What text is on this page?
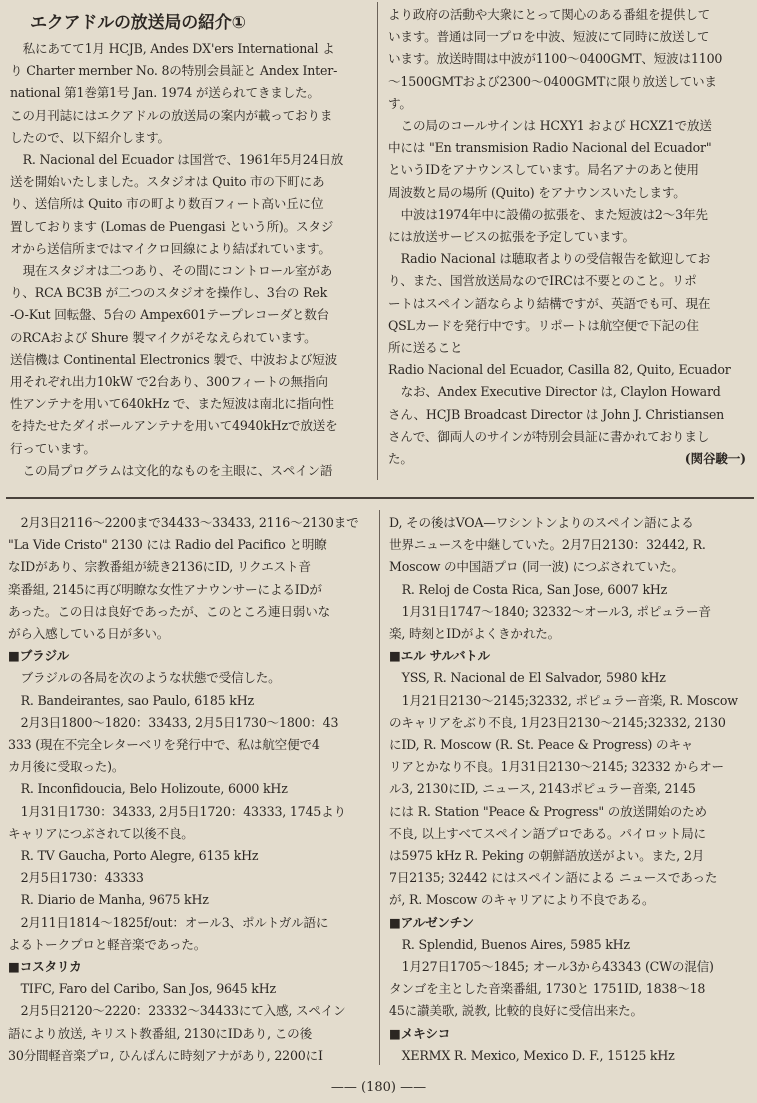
エクアドルの放送局の紹介①

私にあてて1月 HCJB, Andes DX'ers International よ

り Charter mernber No. 8の特別会員証と Andex Inter-

national 第1巻第1号 Jan. 1974 が送られてきました。

この月刊誌にはエクアドルの放送局の案内が載っておりま

したので、以下紹介します。

R. Nacional del Ecuador は国営で、1961年5月24日放

送を開始いたしました。スタジオは Quito 市の下町にあ

り、送信所は Quito 市の町より数百フィート高い丘に位

置しております (Lomas de Puengasi という所)。スタジ

オから送信所まではマイクロ回線により結ばれています。

現在スタジオは二つあり、その間にコントロール室があ

り、RCA BC3B が二つのスタジオを操作し、3台の Rek

-O-Kut 回転盤、5台の Ampex601テープレコーダと数台

のRCAおよび Shure 製マイクがそなえられています。

送信機は Continental Electronics 製で、中波および短波

用それぞれ出力10kW で2台あり、300フィートの無指向

性アンテナを用いて640kHz で、また短波は南北に指向性

を持たせたダイポールアンテナを用いて4940kHzで放送を

行っています。

この局プログラムは文化的なものを主眼に、スペイン語

より政府の活動や大衆にとって関心のある番組を提供して

います。普通は同一プロを中波、短波にて同時に放送して

います。放送時間は中波が1100～0400GMT、短波は1100

～1500GMTおよび2300～0400GMTに限り放送していま

す。

この局のコールサインは HCXY1 および HCXZ1で放送

中には "En transmision Radio Nacional del Ecuador"

というIDをアナウンスしています。局名アナのあと使用

周波数と局の場所 (Quito) をアナウンスいたします。

中波は1974年中に設備の拡張を、また短波は2～3年先

には放送サービスの拡張を予定しています。

Radio Nacional は聴取者よりの受信報告を歓迎してお

り、また、国営放送局なのでIRCは不要とのこと。リポ

ートはスペイン語ならより結構ですが、英語でも可、現在

QSLカードを発行中です。リポートは航空便で下記の住

所に送ること

Radio Nacional del Ecuador, Casilla 82, Quito, Ecuador

なお、Andex Executive Director は, Claylon Howard

さん、HCJB Broadcast Director は John J. Christiansen

さんで、御両人のサインが特別会員証に書かれておりまし

た。	(関谷駿一)

2月3日2116～2200まで34433～33433, 2116～2130まで

"La Vide Cristo" 2130 には Radio del Pacifico と明瞭

なIDがあり、宗教番組が続き2136にID, リクエスト音

楽番組, 2145に再び明瞭な女性アナウンサーによるIDが

あった。この日は良好であったが、このところ連日弱いな

がら入感している日が多い。

■ブラジル

ブラジルの各局を次のような状態で受信した。

R. Bandeirantes, sao Paulo, 6185 kHz

2月3日1800～1820：33433, 2月5日1730～1800：43

333 (現在不完全レターベリを発行中で、私は航空便で4

カ月後に受取った)。

R. Inconfidoucia, Belo Holizoute, 6000 kHz

1月31日1730：34333, 2月5日1720：43333, 1745より

キャリアにつぶされて以後不良。

R. TV Gaucha, Porto Alegre, 6135 kHz

2月5日1730：43333

R. Diario de Manha, 9675 kHz

2月11日1814～1825f/out：オール3、ポルトガル語に

よるトークプロと軽音楽であった。

■コスタリカ

TIFC, Faro del Caribo, San Jos, 9645 kHz

2月5日2120～2220：23332～34433にて入感, スペイン

語により放送, キリスト教番組, 2130にIDあり, この後

30分間軽音楽プロ, ひんぱんに時刻アナがあり, 2200にI

D, その後はVOA—ワシントンよりのスペイン語による

世界ニュースを中継していた。2月7日2130：32442, R.

Moscow の中国語プロ (同一波) につぶされていた。

R. Reloj de Costa Rica, San Jose, 6007 kHz

1月31日1747～1840; 32332～オール3, ポピュラー音

楽, 時刻とIDがよくきかれた。

■エル サルバトル

YSS, R. Nacional de El Salvador, 5980 kHz

1月21日2130～2145;32332, ポピュラー音楽, R. Moscow

のキャリアをぶり不良, 1月23日2130～2145;32332, 2130

にID, R. Moscow (R. St. Peace & Progress) のキャ

リアとかなり不良。1月31日2130～2145; 32332 からオー

ル3, 2130にID, ニュース, 2143ポピュラー音楽, 2145

には R. Station "Peace & Progress" の放送開始のため

不良, 以上すべてスペイン語プロである。パイロット局に

は5975 kHz R. Peking の朝鮮語放送がよい。また, 2月

7日2135; 32442 にはスペイン語による ニュースであった

が, R. Moscow のキャリアにより不良である。

■アルゼンチン

R. Splendid, Buenos Aires, 5985 kHz

1月27日1705～1845; オール3から43343 (CWの混信)

タンゴを主とした音楽番組, 1730と 1751ID, 1838～18

45に讃美歌, 説教, 比較的良好に受信出来た。

■メキシコ

XERMX R. Mexico, Mexico D. F., 15125 kHz

—— (180) ——
